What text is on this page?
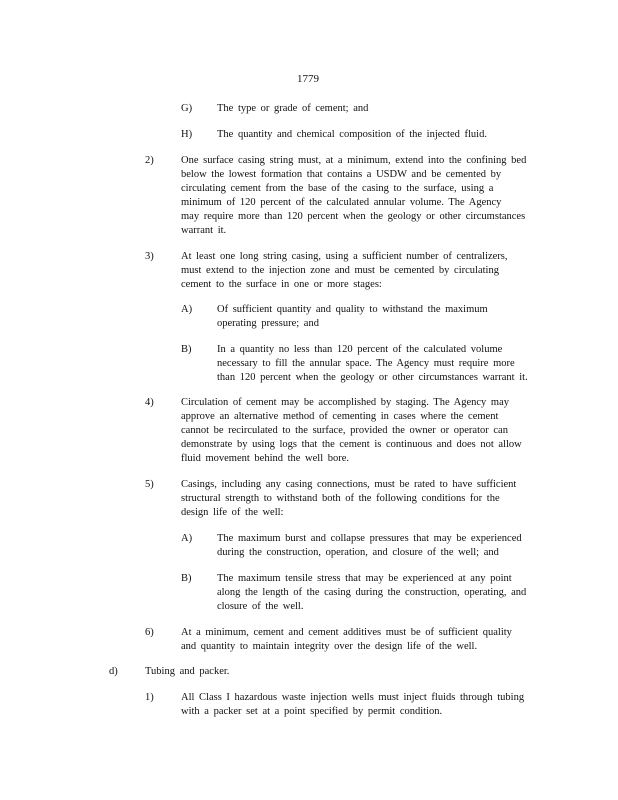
1779
G) The type or grade of cement; and
H) The quantity and chemical composition of the injected fluid.
2)	One surface casing string must, at a minimum, extend into the confining bed
below the lowest formation that contains a USDW and be cemented by
circulating cement from the base of the casing to the surface, using a
minimum of 120 percent of the calculated annular volume. The Agency
may require more than 120 percent when the geology or other circumstances
warrant it.
3)	At least one long string casing, using a sufficient number of centralizers,
must extend to the injection zone and must be cemented by circulating
cement to the surface in one or more stages:
A) Of sufficient quantity and quality to withstand the maximum
operating pressure; and
B) In a quantity no less than 120 percent of the calculated volume
necessary to fill the annular space. The Agency must require more
than 120 percent when the geology or other circumstances warrant it.
4)	Circulation of cement may be accomplished by staging. The Agency may
approve an alternative method of cementing in cases where the cement
cannot be recirculated to the surface, provided the owner or operator can
demonstrate by using logs that the cement is continuous and does not allow
fluid movement behind the well bore.
5)	Casings, including any casing connections, must be rated to have sufficient
structural strength to withstand both of the following conditions for the
design life of the well:
A) The maximum burst and collapse pressures that may be experienced
during the construction, operation, and closure of the well; and
B) The maximum tensile stress that may be experienced at any point
along the length of the casing during the construction, operating, and
closure of the well.
6)	At a minimum, cement and cement additives must be of sufficient quality
and quantity to maintain integrity over the design life of the well.
d)	Tubing and packer.
1)	All Class I hazardous waste injection wells must inject fluids through tubing
with a packer set at a point specified by permit condition.
